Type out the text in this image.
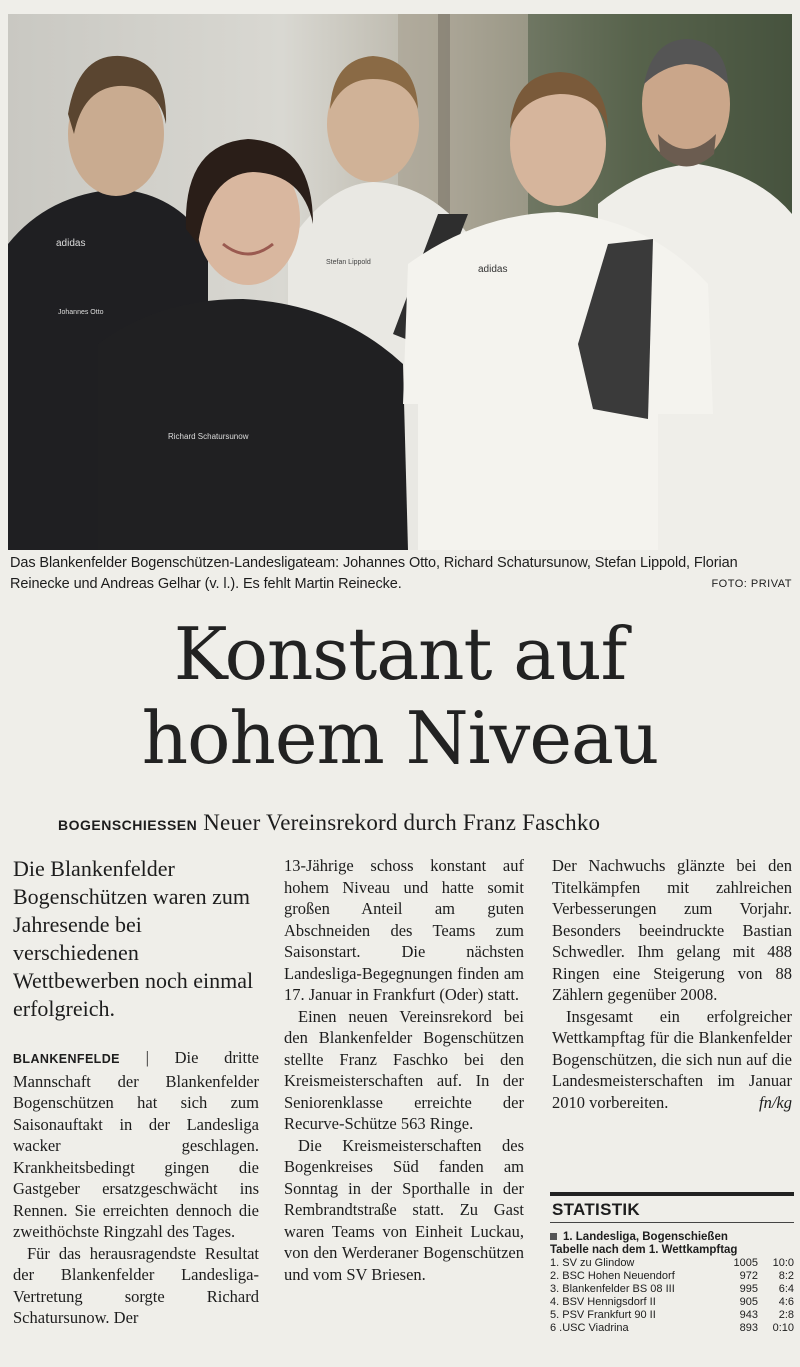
adidas
Johannes Otto
Stefan Lippold
Richard Schatursunow
adidas
Das Blankenfelder Bogenschützen-Landesligateam: Johannes Otto, Richard Schatursunow, Stefan Lippold, Florian Reinecke und Andreas Gelhar (v. l.). Es fehlt Martin Reinecke.	FOTO: PRIVAT
Konstant auf
hohem Niveau
BOGENSCHIESSEN Neuer Vereinsrekord durch Franz Faschko

Die Blankenfelder Bogenschützen waren zum Jahresende bei verschiedenen Wettbewerben noch einmal erfolgreich.

BLANKENFELDE | Die dritte Mannschaft der Blankenfelder Bogenschützen hat sich zum Saisonauftakt in der Landesliga wacker geschlagen. Krankheitsbedingt gingen die Gastgeber ersatzgeschwächt ins Rennen. Sie erreichten dennoch die zweithöchste Ringzahl des Tages.

Für das herausragendste Resultat der Blankenfelder Landesliga-Vertretung sorgte Richard Schatursunow. Der

13-Jährige schoss konstant auf hohem Niveau und hatte somit großen Anteil am guten Abschneiden des Teams zum Saisonstart. Die nächsten Landesliga-Begegnungen finden am 17. Januar in Frankfurt (Oder) statt.

Einen neuen Vereinsrekord bei den Blankenfelder Bogenschützen stellte Franz Faschko bei den Kreismeisterschaften auf. In der Seniorenklasse erreichte der Recurve-Schütze 563 Ringe.

Die Kreismeisterschaften des Bogenkreises Süd fanden am Sonntag in der Sporthalle in der Rembrandtstraße statt. Zu Gast waren Teams von Einheit Luckau, von den Werderaner Bogenschützen und vom SV Briesen.

Der Nachwuchs glänzte bei den Titelkämpfen mit zahlreichen Verbesserungen zum Vorjahr. Besonders beeindruckte Bastian Schwedler. Ihm gelang mit 488 Ringen eine Steigerung von 88 Zählern gegenüber 2008.

Insgesamt ein erfolgreicher Wettkampftag für die Blankenfelder Bogenschützen, die sich nun auf die Landesmeisterschaften im Januar 2010 vorbereiten.	fn/kg

STATISTIK
1. Landesliga, Bogenschießen
Tabelle nach dem 1. Wettkampftag
1. SV zu Glindow	1005	10:0
2. BSC Hohen Neuendorf	972	8:2
3. Blankenfelder BS 08 III	995	6:4
4. BSV Hennigsdorf II	905	4:6
5. PSV Frankfurt 90 II	943	2:8
6 .USC Viadrina	893	0:10
